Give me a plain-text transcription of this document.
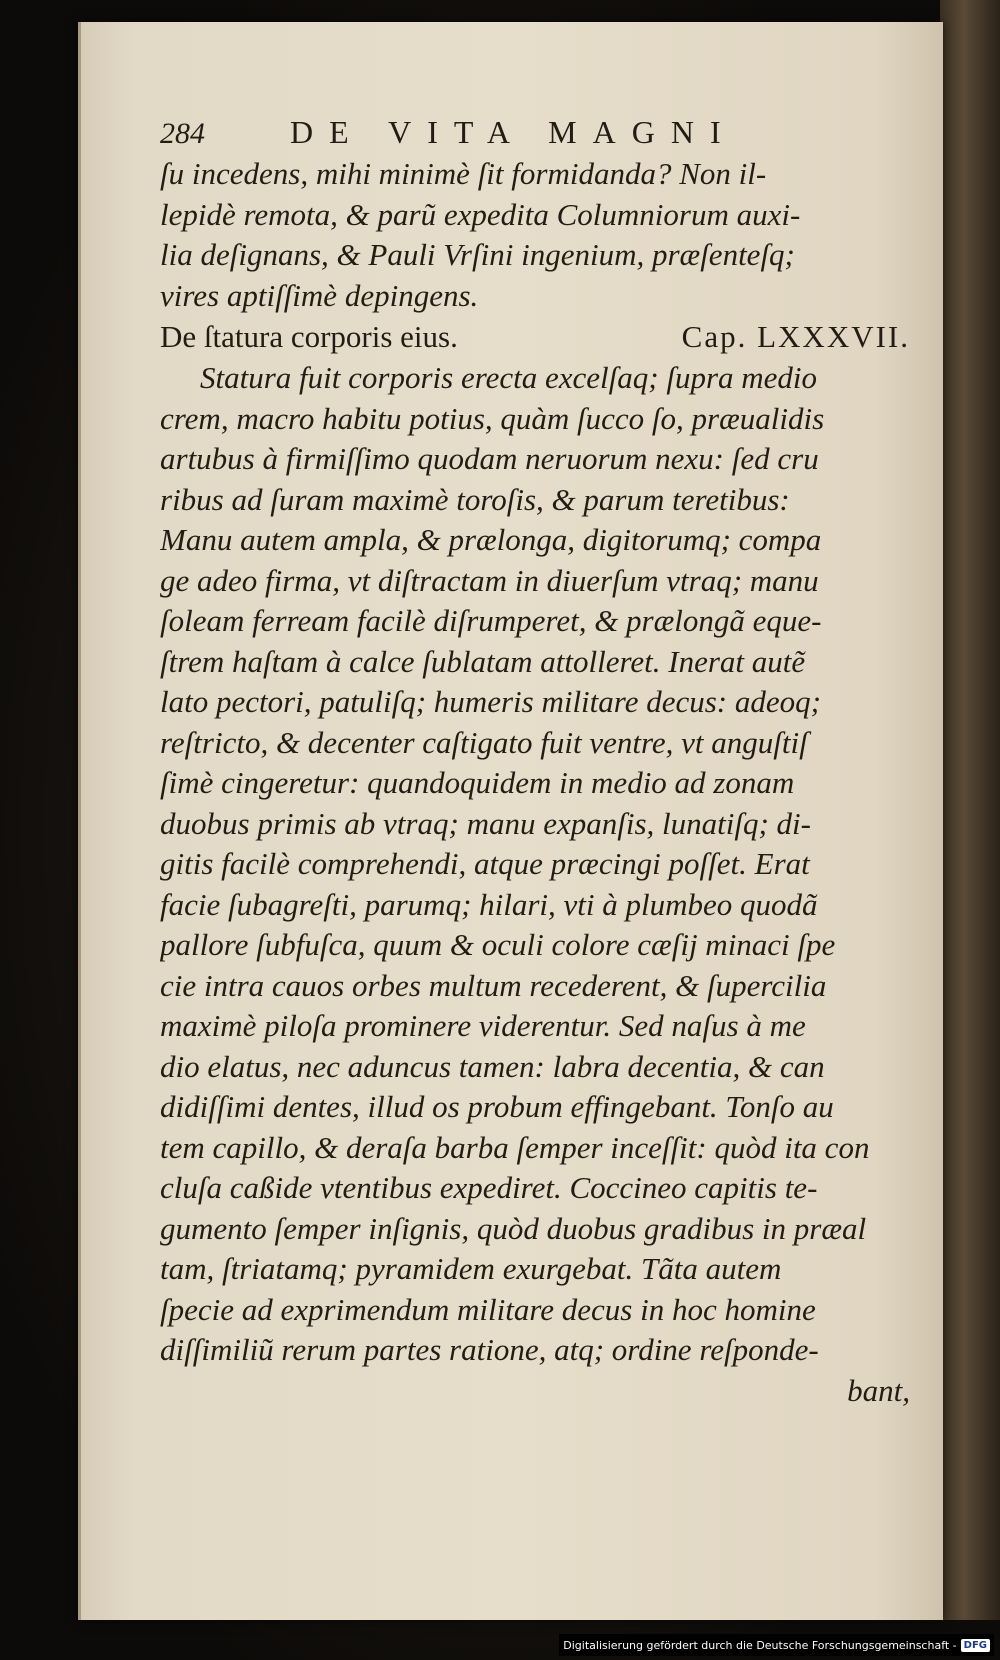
284	DE VITA MAGNI
ſu incedens, mihi minimè ſit formidanda? Non il-
lepidè remota, & parũ expedita Columniorum auxi-
lia deſignans, & Pauli Vrſini ingenium, præſenteſq;
vires aptiſſimè depingens.
De ſtatura corporis eius.	Cap. LXXXVII.
Statura fuit corporis erecta excelſaq; ſupra medio
crem, macro habitu potius, quàm ſucco ſo, præualidis
artubus à firmiſſimo quodam neruorum nexu: ſed cru
ribus ad ſuram maximè toroſis, & parum teretibus:
Manu autem ampla, & prælonga, digitorumq; compa
ge adeo firma, vt diſtractam in diuerſum vtraq; manu
ſoleam ferream facilè diſrumperet, & prælongã eque-
ſtrem haſtam à calce ſublatam attolleret. Inerat autẽ
lato pectori, patuliſq; humeris militare decus: adeoq;
reſtricto, & decenter caſtigato fuit ventre, vt anguſtiſ
ſimè cingeretur: quandoquidem in medio ad zonam
duobus primis ab vtraq; manu expanſis, lunatiſq; di-
gitis facilè comprehendi, atque præcingi poſſet. Erat
facie ſubagreſti, parumq; hilari, vti à plumbeo quodã
pallore ſubfuſca, quum & oculi colore cæſij minaci ſpe
cie intra cauos orbes multum recederent, & ſupercilia
maximè piloſa prominere viderentur. Sed naſus à me
dio elatus, nec aduncus tamen: labra decentia, & can
didiſſimi dentes, illud os probum effingebant. Tonſo au
tem capillo, & deraſa barba ſemper inceſſit: quòd ita con
cluſa caßide vtentibus expediret. Coccineo capitis te-
gumento ſemper inſignis, quòd duobus gradibus in præal
tam, ſtriatamq; pyramidem exurgebat. Tãta autem
ſpecie ad exprimendum militare decus in hoc homine
diſſimiliũ rerum partes ratione, atq; ordine reſponde-
bant,
Digitalisierung gefördert durch die Deutsche Forschungsgemeinschaft - DFG
